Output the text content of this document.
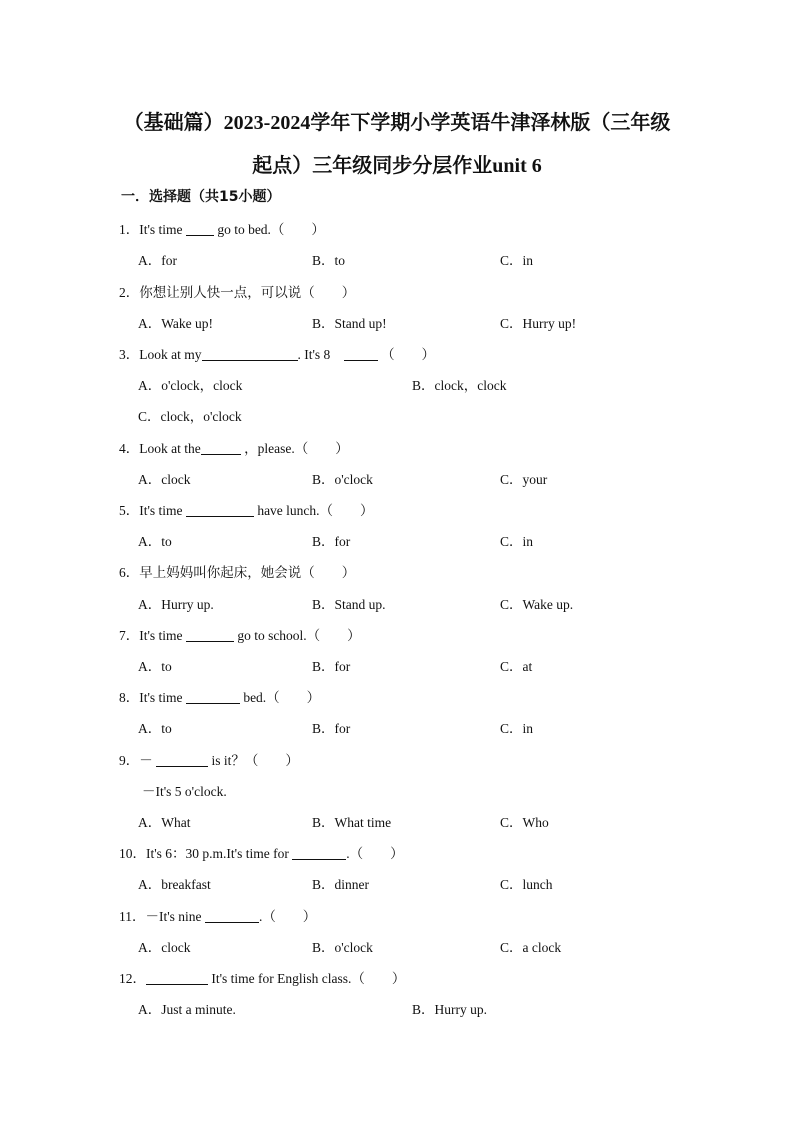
（基础篇）2023-2024学年下学期小学英语牛津泽林版（三年级
起点）三年级同步分层作业unit 6
一．选择题（共15小题）
1．It's time	go to bed.（　　）
A．for	B．to	C．in
2．你想让别人快一点，可以说（　　）
A．Wake up!	B．Stand up!	C．Hurry up!
3．Look at my	. It's 8	（　　）
A．o'clock，clock	B．clock，clock
C．clock，o'clock
4．Look at the	，please.（　　）
A．clock	B．o'clock	C．your
5．It's time	have lunch.（　　）
A．to	B．for	C．in
6．早上妈妈叫你起床，她会说（　　）
A．Hurry up.	B．Stand up.	C．Wake up.
7．It's time	go to school.（　　）
A．to	B．for	C．at
8．It's time	bed.（　　）
A．to	B．for	C．in
9．－	is it？（　　）
－It's 5 o'clock.
A．What	B．What time	C．Who
10．It's 6：30 p.m.It's time for	.（　　）
A．breakfast	B．dinner	C．lunch
11．－It's nine	.（　　）
A．clock	B．o'clock	C．a clock
12．	It's time for English class.（　　）
A．Just a minute.	B．Hurry up.
